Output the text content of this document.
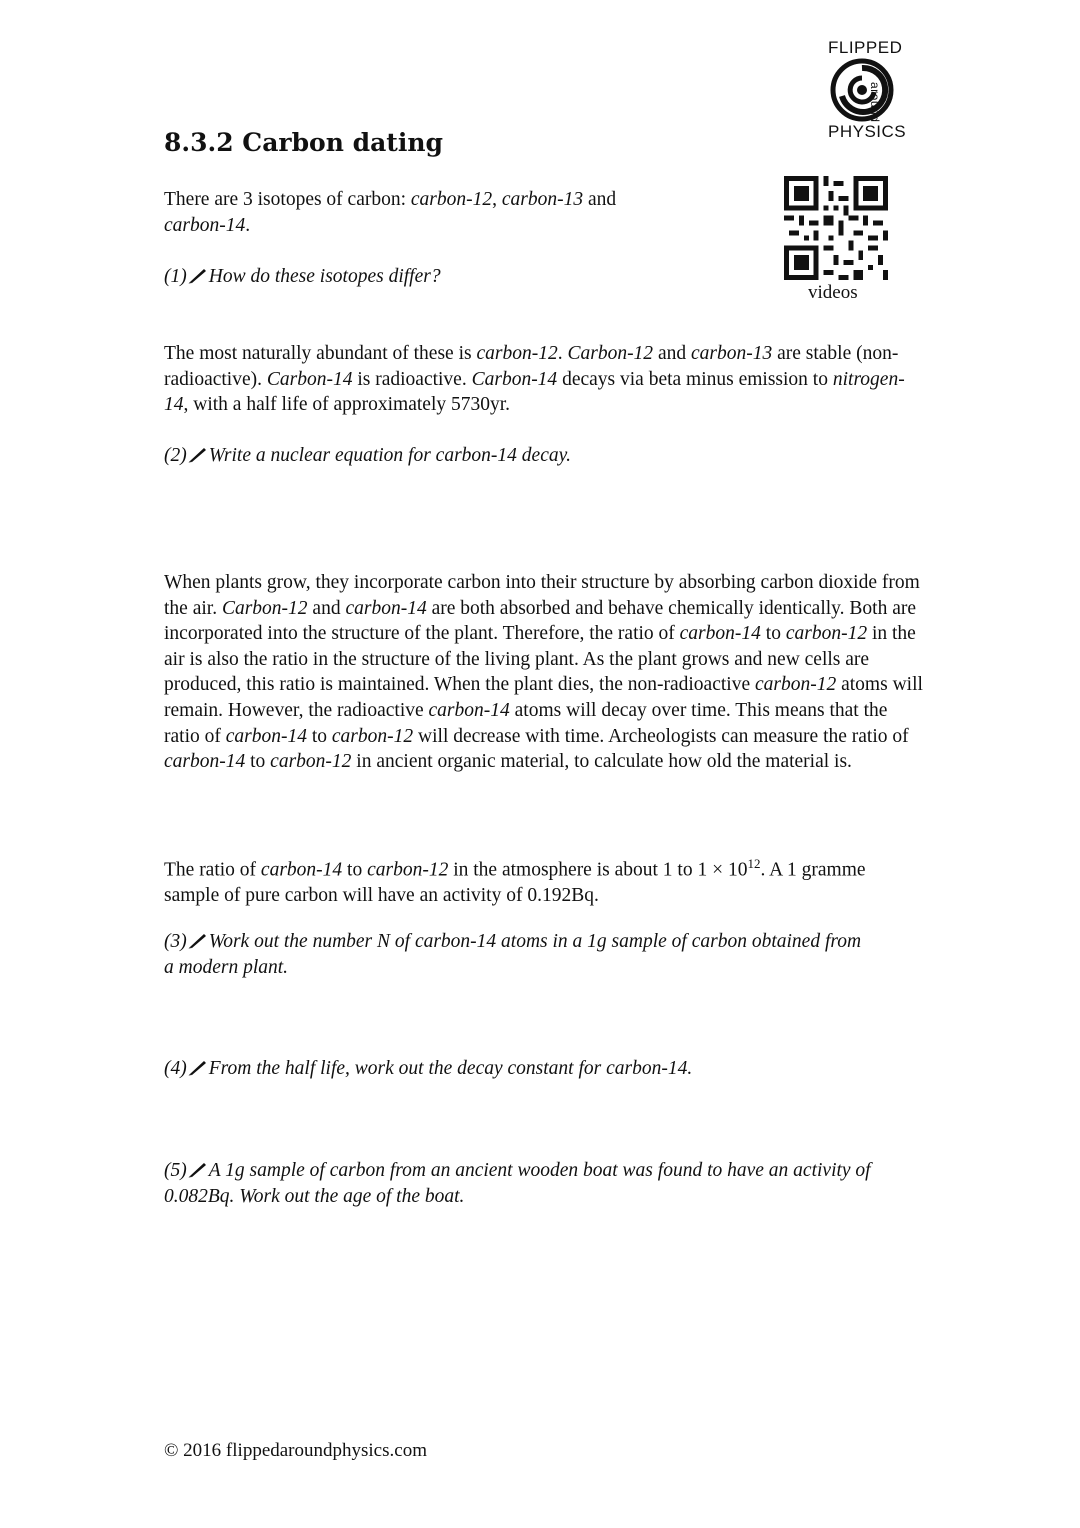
FLIPPED
around
PHYSICS
8.3.2 Carbon dating
videos

There are 3 isotopes of carbon: carbon-12, carbon-13 and
carbon-14.

(1) How do these isotopes differ?

The most naturally abundant of these is carbon-12. Carbon-12 and carbon-13 are stable (non-radioactive). Carbon-14 is radioactive. Carbon-14 decays via beta minus emission to nitrogen-14, with a half life of approximately 5730yr.

(2) Write a nuclear equation for carbon-14 decay.

When plants grow, they incorporate carbon into their structure by absorbing carbon dioxide from the air. Carbon-12 and carbon-14 are both absorbed and behave chemically identically. Both are incorporated into the structure of the plant. Therefore, the ratio of carbon-14 to carbon-12 in the air is also the ratio in the structure of the living plant. As the plant grows and new cells are produced, this ratio is maintained. When the plant dies, the non-radioactive carbon-12 atoms will remain. However, the radioactive carbon-14 atoms will decay over time. This means that the ratio of carbon-14 to carbon-12 will decrease with time. Archeologists can measure the ratio of carbon-14 to carbon-12 in ancient organic material, to calculate how old the material is.

The ratio of carbon-14 to carbon-12 in the atmosphere is about 1 to $1 \times 10^{12}$. A 1 gramme sample of pure carbon will have an activity of 0.192Bq.

(3) Work out the number N of carbon-14 atoms in a 1g sample of carbon obtained from a modern plant.

(4) From the half life, work out the decay constant for carbon-14.

(5) A 1g sample of carbon from an ancient wooden boat was found to have an activity of 0.082Bq. Work out the age of the boat.

© 2016 flippedaroundphysics.com
